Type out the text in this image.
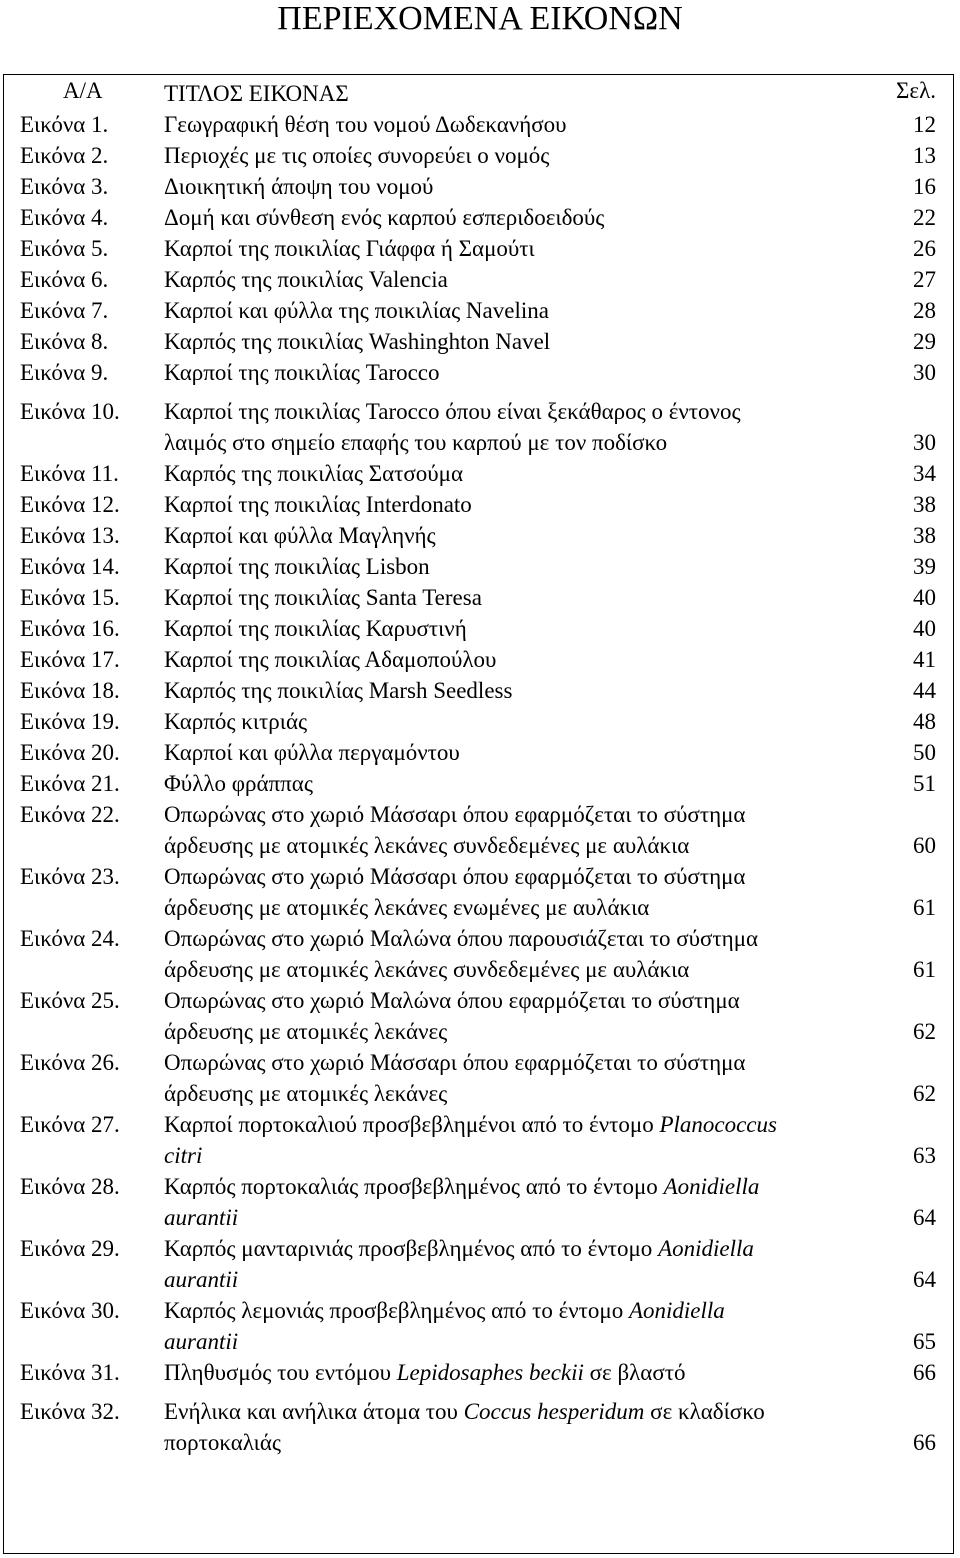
ΠΕΡΙΕΧΟΜΕΝΑ ΕΙΚΟΝΩΝ
Α/Α	ΤΙΤΛΟΣ ΕΙΚΟΝΑΣ	Σελ.
Εικόνα 1. Γεωγραφική θέση του νομού Δωδεκανήσου	12
Εικόνα 2. Περιοχές με τις οποίες συνορεύει ο νομός	13
Εικόνα 3. Διοικητική άποψη του νομού	16
Εικόνα 4. Δομή και σύνθεση ενός καρπού εσπεριδοειδούς	22
Εικόνα 5. Καρποί της ποικιλίας Γιάφφα ή Σαμούτι	26
Εικόνα 6. Καρπός της ποικιλίας Valencia	27
Εικόνα 7. Καρποί και φύλλα της ποικιλίας Navelina	28
Εικόνα 8. Καρπός της ποικιλίας Washinghton Navel	29
Εικόνα 9. Καρποί της ποικιλίας Tarocco	30
Εικόνα 10. Καρποί της ποικιλίας Tarocco όπου είναι ξεκάθαρος ο έντονος
λαιμός στο σημείο επαφής του καρπού με τον ποδίσκο	30
Εικόνα 11. Καρπός της ποικιλίας Σατσούμα	34
Εικόνα 12. Καρποί της ποικιλίας Interdonato	38
Εικόνα 13. Καρποί και φύλλα Μαγληνής	38
Εικόνα 14. Καρποί της ποικιλίας Lisbon	39
Εικόνα 15. Καρποί της ποικιλίας Santa Teresa	40
Εικόνα 16. Καρποί της ποικιλίας Καρυστινή	40
Εικόνα 17. Καρποί της ποικιλίας Αδαμοπούλου	41
Εικόνα 18. Καρπός της ποικιλίας Marsh Seedless	44
Εικόνα 19. Καρπός κιτριάς	48
Εικόνα 20. Καρποί και φύλλα περγαμόντου	50
Εικόνα 21. Φύλλο φράππας	51
Εικόνα 22. Οπωρώνας στο χωριό Μάσσαρι όπου εφαρμόζεται το σύστημα
άρδευσης με ατομικές λεκάνες συνδεδεμένες με αυλάκια	60
Εικόνα 23. Οπωρώνας στο χωριό Μάσσαρι όπου εφαρμόζεται το σύστημα
άρδευσης με ατομικές λεκάνες ενωμένες με αυλάκια	61
Εικόνα 24. Οπωρώνας στο χωριό Μαλώνα όπου παρουσιάζεται το σύστημα
άρδευσης με ατομικές λεκάνες συνδεδεμένες με αυλάκια	61
Εικόνα 25. Οπωρώνας στο χωριό Μαλώνα όπου εφαρμόζεται το σύστημα
άρδευσης με ατομικές λεκάνες	62
Εικόνα 26. Οπωρώνας στο χωριό Μάσσαρι όπου εφαρμόζεται το σύστημα
άρδευσης με ατομικές λεκάνες	62
Εικόνα 27. Καρποί πορτοκαλιού προσβεβλημένοι από το έντομο Planococcus
citri	63
Εικόνα 28. Καρπός πορτοκαλιάς προσβεβλημένος από το έντομο Aonidiella
aurantii	64
Εικόνα 29. Καρπός μανταρινιάς προσβεβλημένος από το έντομο Aonidiella
aurantii	64
Εικόνα 30. Καρπός λεμονιάς προσβεβλημένος από το έντομο Aonidiella
aurantii	65
Εικόνα 31. Πληθυσμός του εντόμου Lepidosaphes beckii σε βλαστό	66
Εικόνα 32. Ενήλικα και ανήλικα άτομα του Coccus hesperidum σε κλαδίσκο
πορτοκαλιάς	66
